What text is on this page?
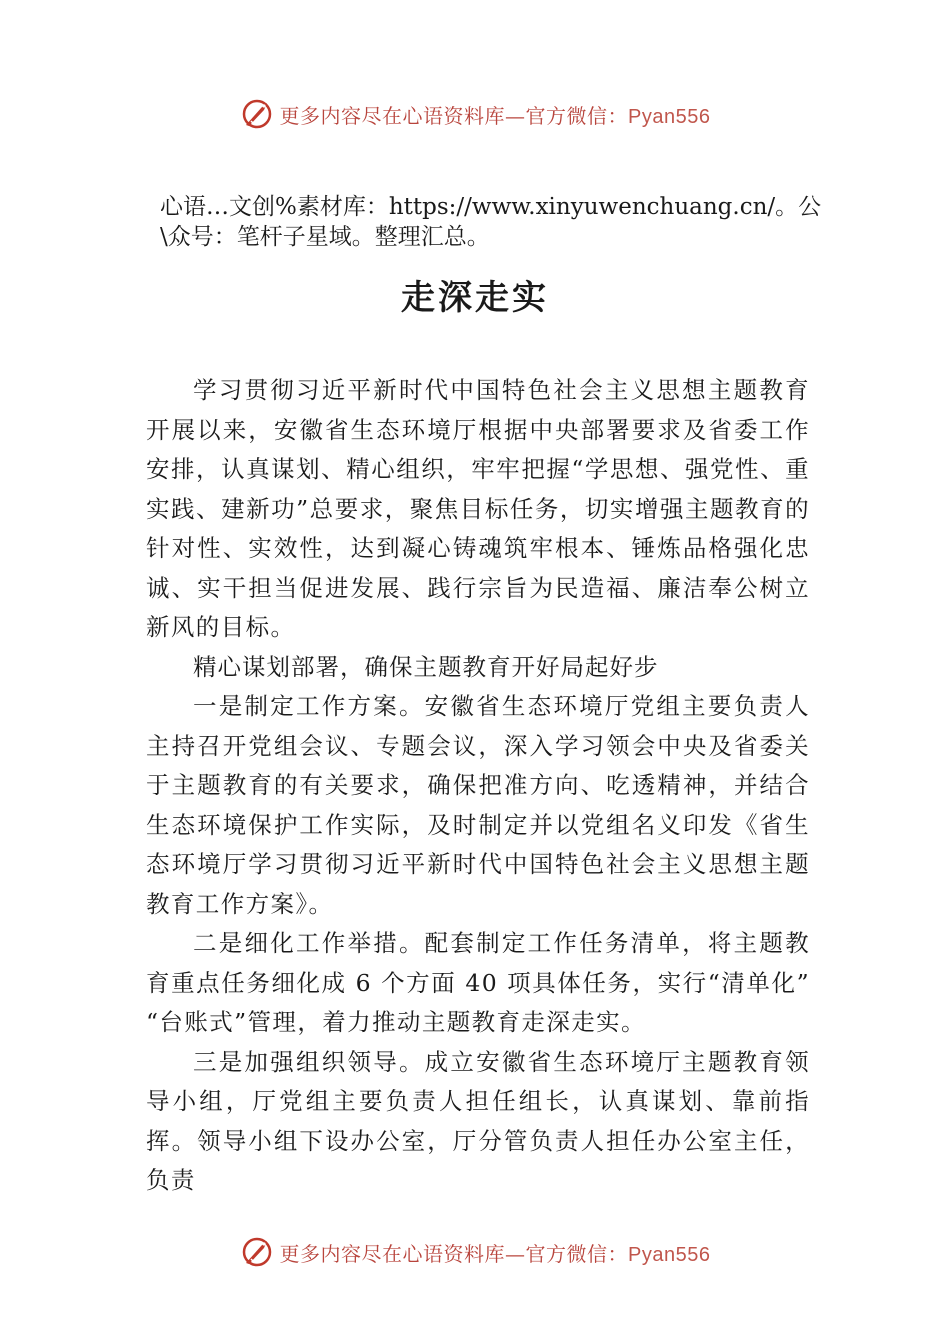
更多内容尽在心语资料库—官方微信：Pyan556
心语…文创%素材库：https://www.xinyuwenchuang.cn/。公\众号：笔杆子星域。整理汇总。
走深走实

学习贯彻习近平新时代中国特色社会主义思想主题教育开展以来，安徽省生态环境厅根据中央部署要求及省委工作安排，认真谋划、精心组织，牢牢把握“学思想、强党性、重实践、建新功”总要求，聚焦目标任务，切实增强主题教育的针对性、实效性，达到凝心铸魂筑牢根本、锤炼品格强化忠诚、实干担当促进发展、践行宗旨为民造福、廉洁奉公树立新风的目标。

精心谋划部署，确保主题教育开好局起好步

一是制定工作方案。安徽省生态环境厅党组主要负责人主持召开党组会议、专题会议，深入学习领会中央及省委关于主题教育的有关要求，确保把准方向、吃透精神，并结合生态环境保护工作实际，及时制定并以党组名义印发《省生态环境厅学习贯彻习近平新时代中国特色社会主义思想主题教育工作方案》。

二是细化工作举措。配套制定工作任务清单，将主题教育重点任务细化成 6 个方面 40 项具体任务，实行“清单化” “台账式”管理，着力推动主题教育走深走实。

三是加强组织领导。成立安徽省生态环境厅主题教育领导小组，厅党组主要负责人担任组长，认真谋划、靠前指挥。领导小组下设办公室，厅分管负责人担任办公室主任，负责

更多内容尽在心语资料库—官方微信：Pyan556
